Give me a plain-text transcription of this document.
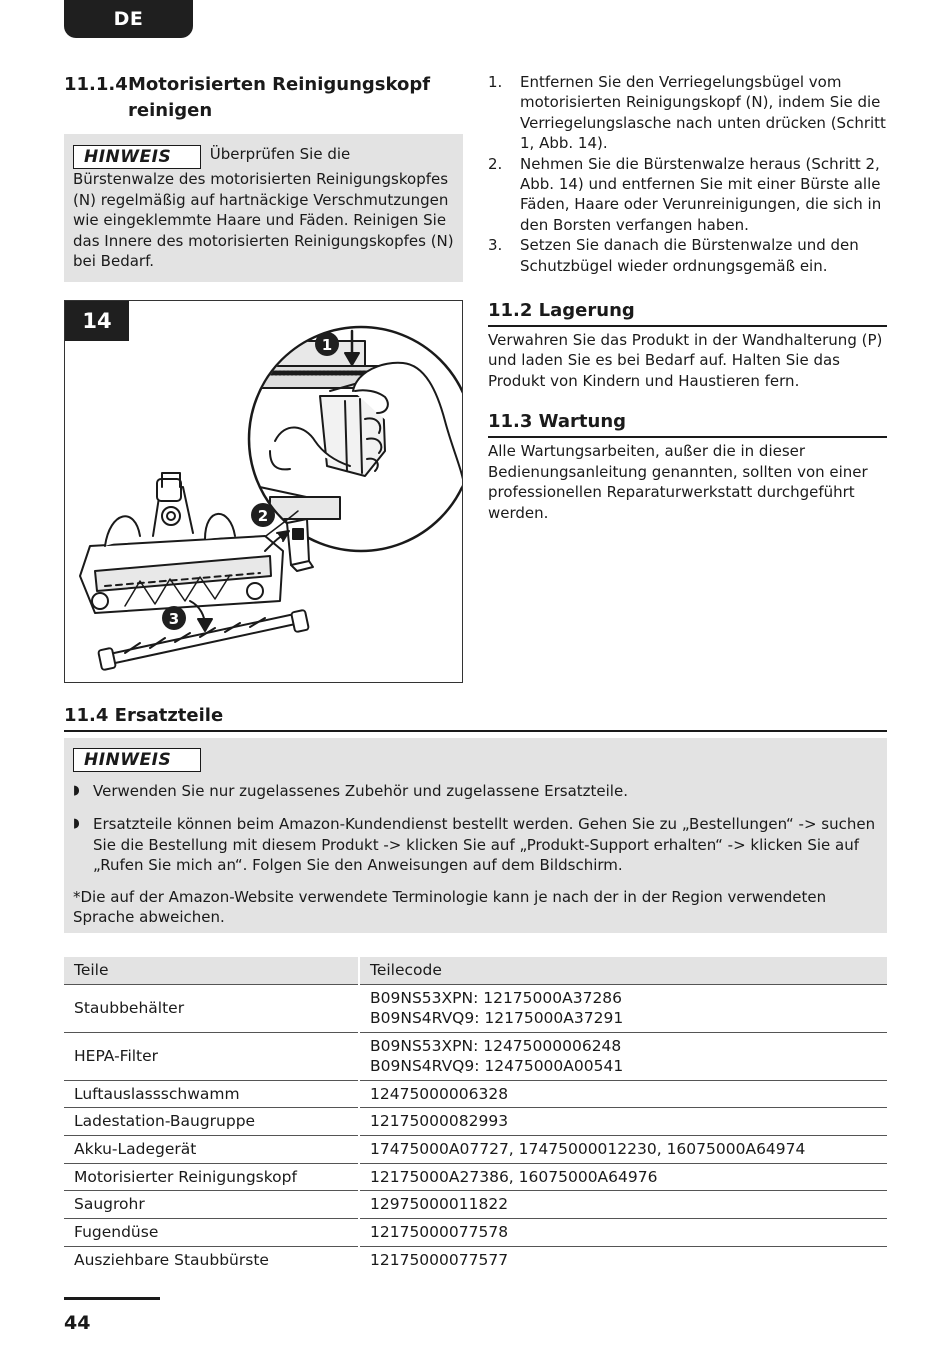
DE
11.1.4Motorisierten Reinigungskopf reinigen
HINWEIS	Überprüfen Sie die Bürstenwalze des motorisierten Reinigungskopfes (N) regelmäßig auf hartnäckige Verschmutzungen wie eingeklemmte Haare und Fäden. Reinigen Sie das Innere des motorisierten Reinigungskopfes (N) bei Bedarf.
1
2
3
14
1. Entfernen Sie den Verriegelungsbügel vom motorisierten Reinigungskopf (N), indem Sie die Verriegelungslasche nach unten drücken (Schritt 1, Abb. 14).
2. Nehmen Sie die Bürstenwalze heraus (Schritt 2, Abb. 14) und entfernen Sie mit einer Bürste alle Fäden, Haare oder Verunreinigungen, die sich in den Borsten verfangen haben.
3. Setzen Sie danach die Bürstenwalze und den Schutzbügel wieder ordnungsgemäß ein.
11.2 Lagerung

Verwahren Sie das Produkt in der Wandhalterung (P) und laden Sie es bei Bedarf auf. Halten Sie das Produkt von Kindern und Haustieren fern.

11.3 Wartung

Alle Wartungsarbeiten, außer die in dieser Bedienungsanleitung genannten, sollten von einer professionellen Reparaturwerkstatt durchgeführt werden.

11.4 Ersatzteile
HINWEIS
◗ Verwenden Sie nur zugelassenes Zubehör und zugelassene Ersatzteile.
◗ Ersatzteile können beim Amazon-Kundendienst bestellt werden. Gehen Sie zu „Bestellungen“ -> suchen Sie die Bestellung mit diesem Produkt -> klicken Sie auf „Produkt-Support erhalten“ -> klicken Sie auf „Rufen Sie mich an“. Folgen Sie den Anweisungen auf dem Bildschirm.

*Die auf der Amazon-Website verwendete Terminologie kann je nach der in der Region verwendeten Sprache abweichen.

Teile	Teilecode
Staubbehälter	B09NS53XPN: 12175000A37286
B09NS4RVQ9: 12175000A37291

HEPA-Filter	B09NS53XPN: 12475000006248
B09NS4RVQ9: 12475000A00541

Luftauslassschwamm	12475000006328
Ladestation-Baugruppe	12175000082993
Akku-Ladegerät	17475000A07727, 17475000012230, 16075000A64974
Motorisierter Reinigungskopf	12175000A27386, 16075000A64976
Saugrohr	12975000011822
Fugendüse	12175000077578
Ausziehbare Staubbürste	12175000077577
44
